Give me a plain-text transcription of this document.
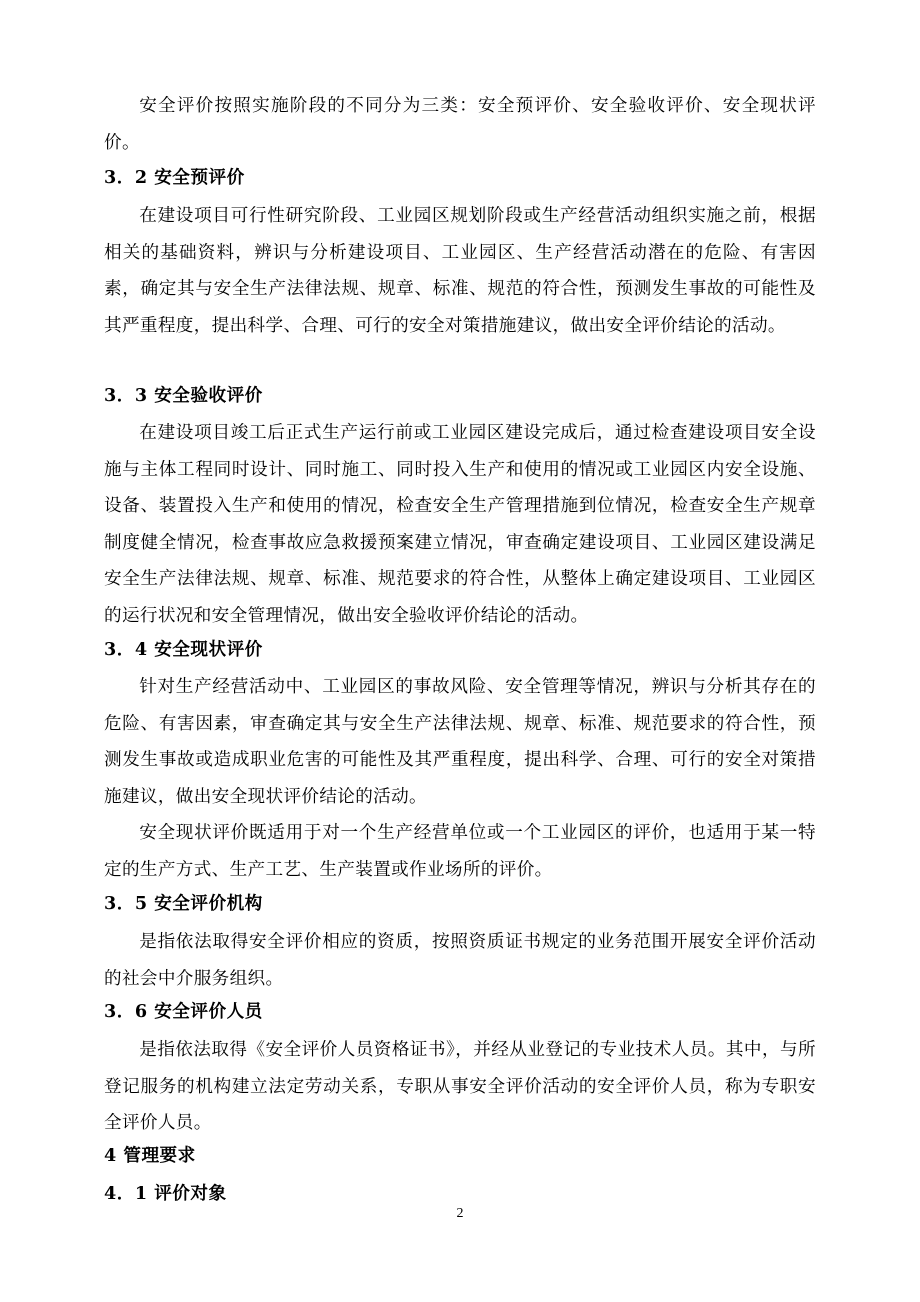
安全评价按照实施阶段的不同分为三类：安全预评价、安全验收评价、安全现状评价。

3．2 安全预评价

在建设项目可行性研究阶段、工业园区规划阶段或生产经营活动组织实施之前，根据相关的基础资料，辨识与分析建设项目、工业园区、生产经营活动潜在的危险、有害因素，确定其与安全生产法律法规、规章、标准、规范的符合性，预测发生事故的可能性及其严重程度，提出科学、合理、可行的安全对策措施建议，做出安全评价结论的活动。

3．3 安全验收评价

在建设项目竣工后正式生产运行前或工业园区建设完成后，通过检查建设项目安全设施与主体工程同时设计、同时施工、同时投入生产和使用的情况或工业园区内安全设施、设备、装置投入生产和使用的情况，检查安全生产管理措施到位情况，检查安全生产规章制度健全情况，检查事故应急救援预案建立情况，审查确定建设项目、工业园区建设满足安全生产法律法规、规章、标准、规范要求的符合性，从整体上确定建设项目、工业园区的运行状况和安全管理情况，做出安全验收评价结论的活动。

3．4 安全现状评价

针对生产经营活动中、工业园区的事故风险、安全管理等情况，辨识与分析其存在的危险、有害因素，审查确定其与安全生产法律法规、规章、标准、规范要求的符合性，预测发生事故或造成职业危害的可能性及其严重程度，提出科学、合理、可行的安全对策措施建议，做出安全现状评价结论的活动。

安全现状评价既适用于对一个生产经营单位或一个工业园区的评价，也适用于某一特定的生产方式、生产工艺、生产装置或作业场所的评价。

3．5 安全评价机构

是指依法取得安全评价相应的资质，按照资质证书规定的业务范围开展安全评价活动的社会中介服务组织。

3．6 安全评价人员

是指依法取得《安全评价人员资格证书》，并经从业登记的专业技术人员。其中，与所登记服务的机构建立法定劳动关系，专职从事安全评价活动的安全评价人员，称为专职安全评价人员。

4 管理要求
4．1 评价对象
2
